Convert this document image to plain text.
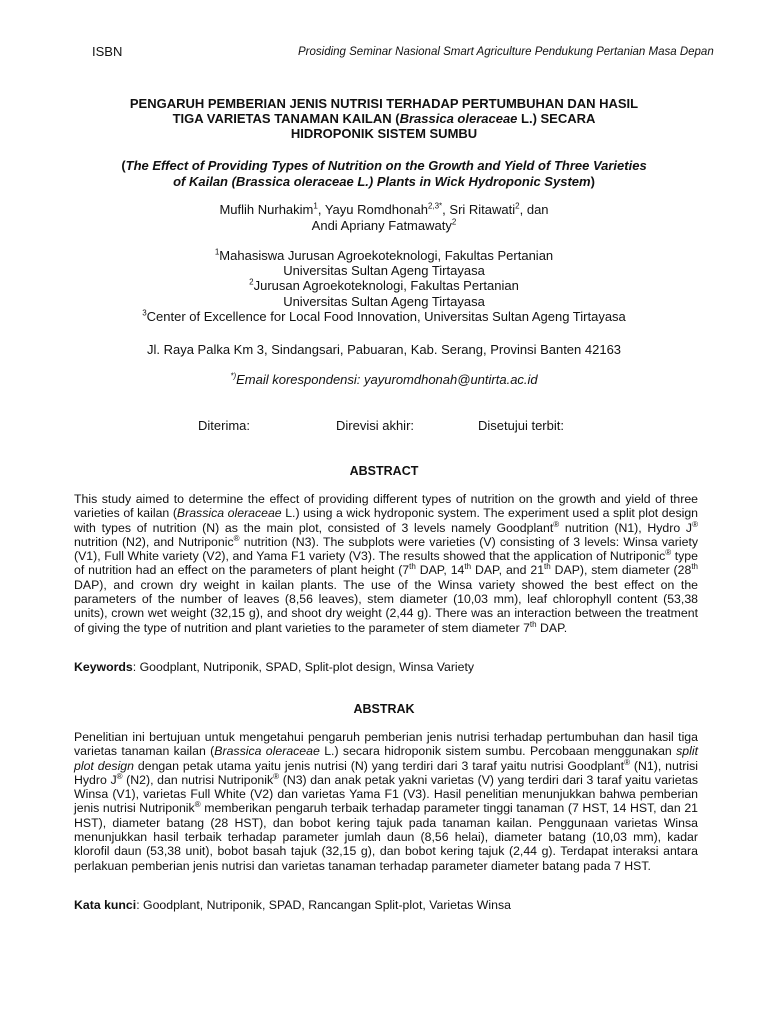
ISBN	Prosiding Seminar Nasional Smart Agriculture Pendukung Pertanian Masa Depan
PENGARUH PEMBERIAN JENIS NUTRISI TERHADAP PERTUMBUHAN DAN HASIL
TIGA VARIETAS TANAMAN KAILAN (Brassica oleraceae L.) SECARA
HIDROPONIK SISTEM SUMBU
(The Effect of Providing Types of Nutrition on the Growth and Yield of Three Varieties
of Kailan (Brassica oleraceae L.) Plants in Wick Hydroponic System)
Muflih Nurhakim$^1$, Yayu Romdhonah$^{2,3*}$, Sri Ritawati$^2$, dan
Andi Apriany Fatmawaty$^2$
$^1$Mahasiswa Jurusan Agroekoteknologi, Fakultas Pertanian
Universitas Sultan Ageng Tirtayasa
$^2$Jurusan Agroekoteknologi, Fakultas Pertanian
Universitas Sultan Ageng Tirtayasa
$^3$Center of Excellence for Local Food Innovation, Universitas Sultan Ageng Tirtayasa
Jl. Raya Palka Km 3, Sindangsari, Pabuaran, Kab. Serang, Provinsi Banten 42163
*)Email korespondensi: yayuromdhonah@untirta.ac.id
Diterima:	Direvisi akhir:	Disetujui terbit:
ABSTRACT
This study aimed to determine the effect of providing different types of nutrition on the growth and yield of three varieties of kailan (Brassica oleraceae L.) using a wick hydroponic system. The experiment used a split plot design with types of nutrition (N) as the main plot, consisted of 3 levels namely Goodplant® nutrition (N1), Hydro J® nutrition (N2), and Nutriponic® nutrition (N3). The subplots were varieties (V) consisting of 3 levels: Winsa variety (V1), Full White variety (V2), and Yama F1 variety (V3). The results showed that the application of Nutriponic® type of nutrition had an effect on the parameters of plant height (7th DAP, 14th DAP, and 21th DAP), stem diameter (28th DAP), and crown dry weight in kailan plants. The use of the Winsa variety showed the best effect on the parameters of the number of leaves (8,56 leaves), stem diameter (10,03 mm), leaf chlorophyll content (53,38 units), crown wet weight (32,15 g), and shoot dry weight (2,44 g). There was an interaction between the treatment of giving the type of nutrition and plant varieties to the parameter of stem diameter 7th DAP.
Keywords: Goodplant, Nutriponik, SPAD, Split-plot design, Winsa Variety
ABSTRAK
Penelitian ini bertujuan untuk mengetahui pengaruh pemberian jenis nutrisi terhadap pertumbuhan dan hasil tiga varietas tanaman kailan (Brassica oleraceae L.) secara hidroponik sistem sumbu. Percobaan menggunakan split plot design dengan petak utama yaitu jenis nutrisi (N) yang terdiri dari 3 taraf yaitu nutrisi Goodplant® (N1), nutrisi Hydro J® (N2), dan nutrisi Nutriponik® (N3) dan anak petak yakni varietas (V) yang terdiri dari 3 taraf yaitu varietas Winsa (V1), varietas Full White (V2) dan varietas Yama F1 (V3). Hasil penelitian menunjukkan bahwa pemberian jenis nutrisi Nutriponik® memberikan pengaruh terbaik terhadap parameter tinggi tanaman (7 HST, 14 HST, dan 21 HST), diameter batang (28 HST), dan bobot kering tajuk pada tanaman kailan. Penggunaan varietas Winsa menunjukkan hasil terbaik terhadap parameter jumlah daun (8,56 helai), diameter batang (10,03 mm), kadar klorofil daun (53,38 unit), bobot basah tajuk (32,15 g), dan bobot kering tajuk (2,44 g). Terdapat interaksi antara perlakuan pemberian jenis nutrisi dan varietas tanaman terhadap parameter diameter batang pada 7 HST.
Kata kunci: Goodplant, Nutriponik, SPAD, Rancangan Split-plot, Varietas Winsa
